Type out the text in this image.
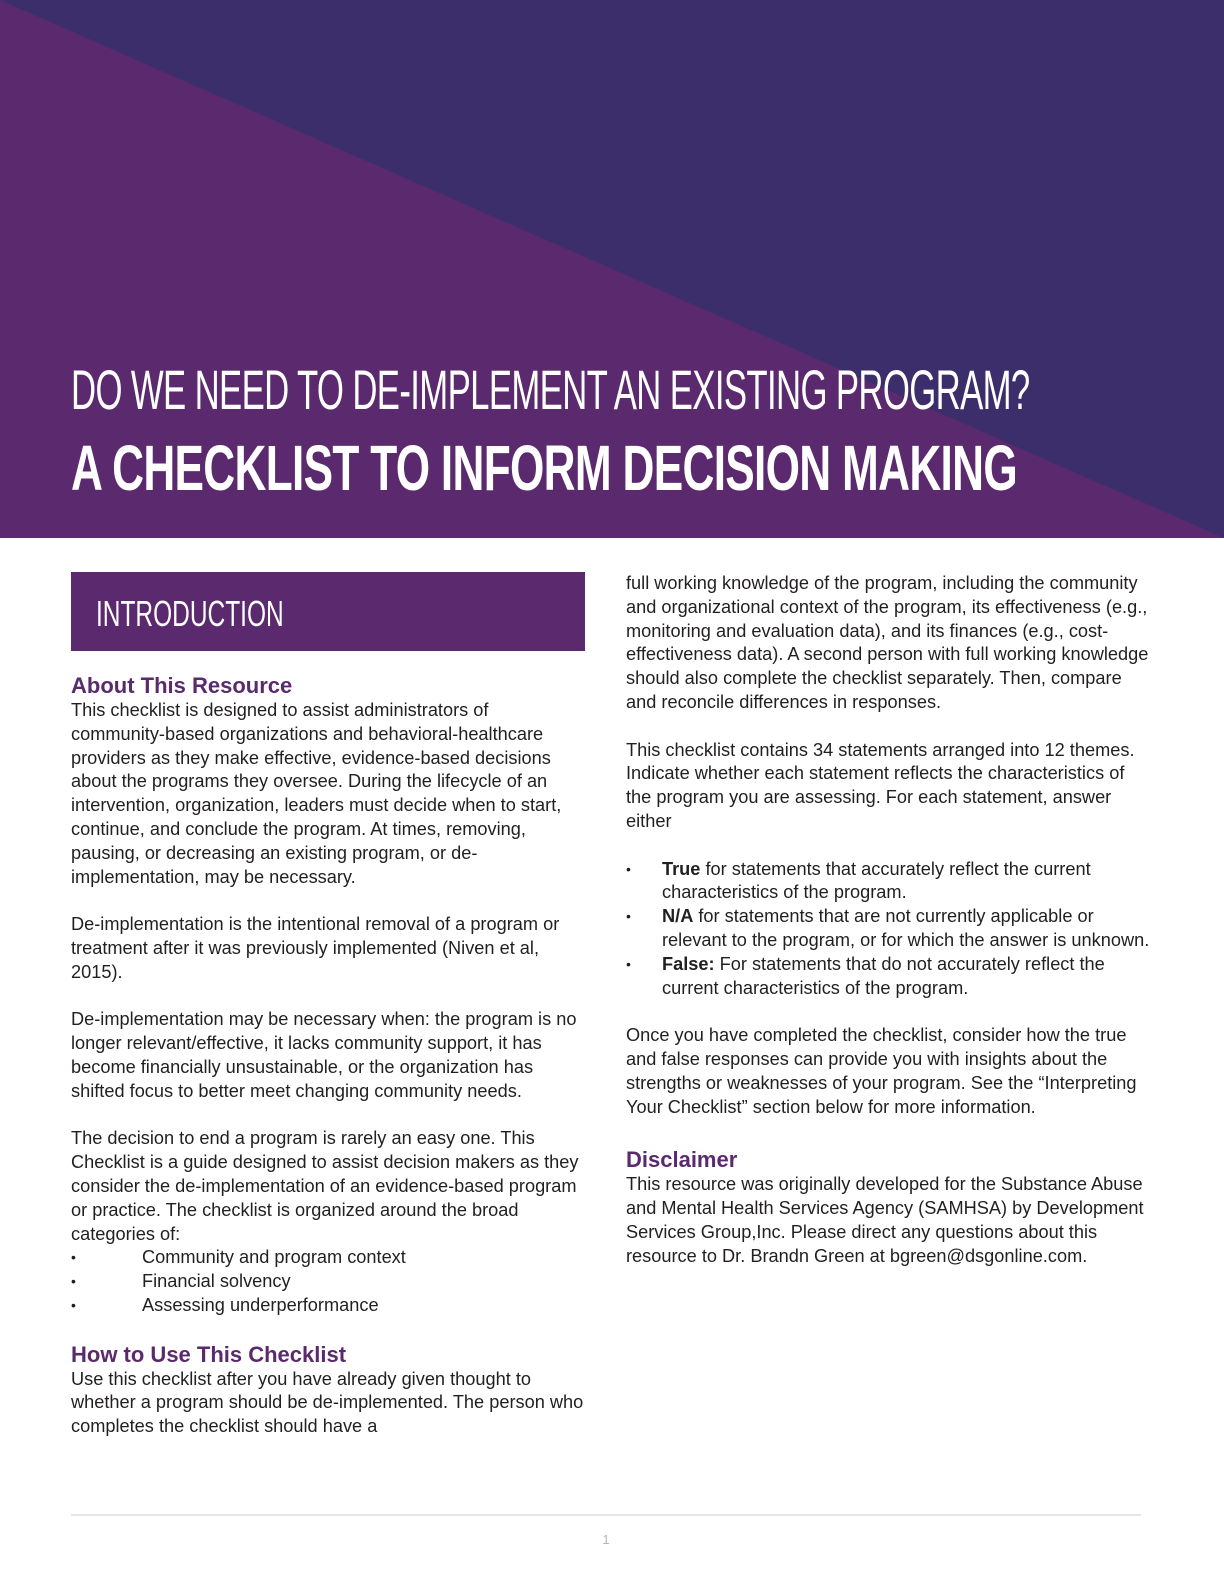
DO WE NEED TO DE-IMPLEMENT AN EXISTING PROGRAM?
A CHECKLIST TO INFORM DECISION MAKING
INTRODUCTION
About This Resource

This checklist is designed to assist administrators of community-based organizations and behavioral-healthcare providers as they make effective, evidence-based decisions about the programs they oversee. During the lifecycle of an intervention, organization, leaders must decide when to start, continue, and conclude the program. At times, removing, pausing, or decreasing an existing program, or de-implementation, may be necessary.

De-implementation is the intentional removal of a program or treatment after it was previously implemented (Niven et al, 2015).

De-implementation may be necessary when: the program is no longer relevant/effective, it lacks community support, it has become financially unsustainable, or the organization has shifted focus to better meet changing community needs.

The decision to end a program is rarely an easy one. This Checklist is a guide designed to assist decision makers as they consider the de-implementation of an evidence-based program or practice. The checklist is organized around the broad categories of:
• Community and program context
• Financial solvency
• Assessing underperformance
How to Use This Checklist
Use this checklist after you have already given thought to whether a program should be de-implemented. The person who completes the checklist should have a

full working knowledge of the program, including the community and organizational context of the program, its effectiveness (e.g., monitoring and evaluation data), and its finances (e.g., cost-effectiveness data). A second person with full working knowledge should also complete the checklist separately. Then, compare and reconcile differences in responses.

This checklist contains 34 statements arranged into 12 themes. Indicate whether each statement reflects the characteristics of the program you are assessing. For each statement, answer either

• True for statements that accurately reflect the current characteristics of the program.
• N/A for statements that are not currently applicable or relevant to the program, or for which the answer is unknown.
• False: For statements that do not accurately reflect the current characteristics of the program.

Once you have completed the checklist, consider how the true and false responses can provide you with insights about the strengths or weaknesses of your program. See the “Interpreting Your Checklist” section below for more information.

Disclaimer
This resource was originally developed for the Substance Abuse and Mental Health Services Agency (SAMHSA) by Development Services Group,Inc. Please direct any questions about this resource to Dr. Brandn Green at bgreen@dsgonline.com.
1
